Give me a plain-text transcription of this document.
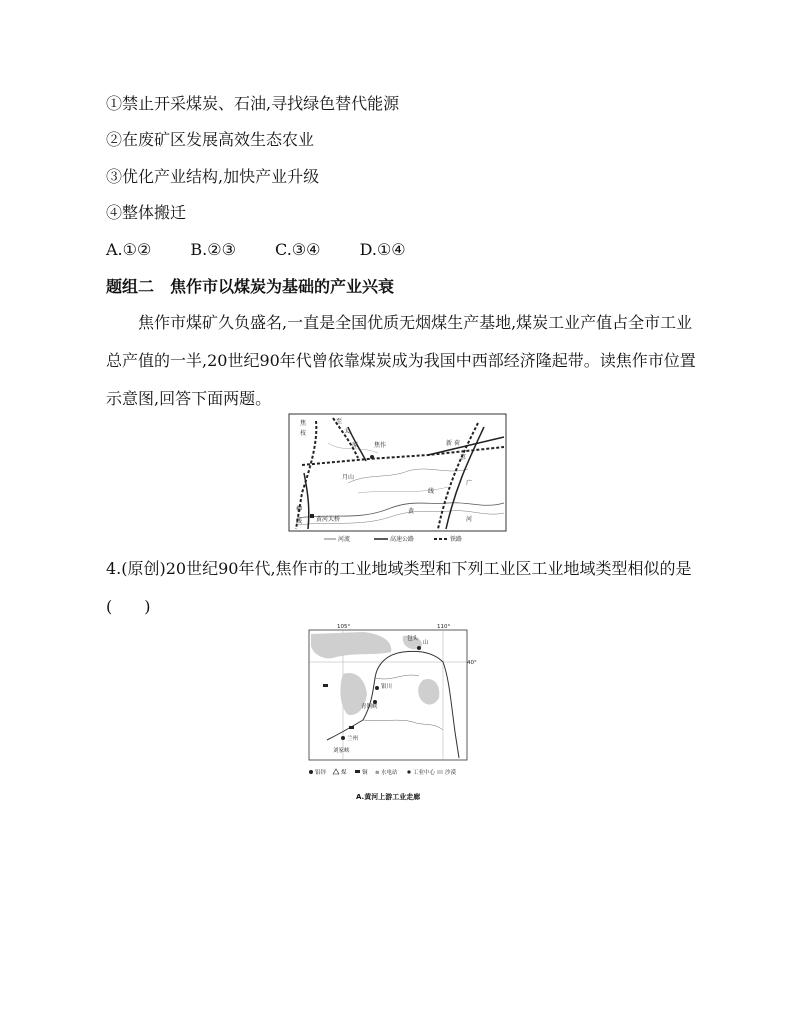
①禁止开采煤炭、石油,寻找绿色替代能源
②在废矿区发展高效生态农业
③优化产业结构,加快产业升级
④整体搬迁
A.①② B.②③ C.③④ D.①④
题组二　焦作市以煤炭为基础的产业兴衰
焦作市煤矿久负盛名,一直是全国优质无烟煤生产基地,煤炭工业产值占全市工业总产值的一半,20世纪90年代曾依靠煤炭成为我国中西部经济隆起带。读焦作市位置示意图,回答下面两题。
焦
枝
柳
线
至
太
原	焦作
月山
新 荷
京
广
线
黄
河
黄河大桥
河流	高速公路	铁路
4.(原创)20世纪90年代,焦作市的工业地域类型和下列工业区工业地域类型相似的是(　　)
105°	110°
40°
山
包头
银川
青铜峡
兰州
刘家峡
铝锌	煤	铜 ≋ 水电站	工业中心 沙漠
A.黄河上游工业走廊
